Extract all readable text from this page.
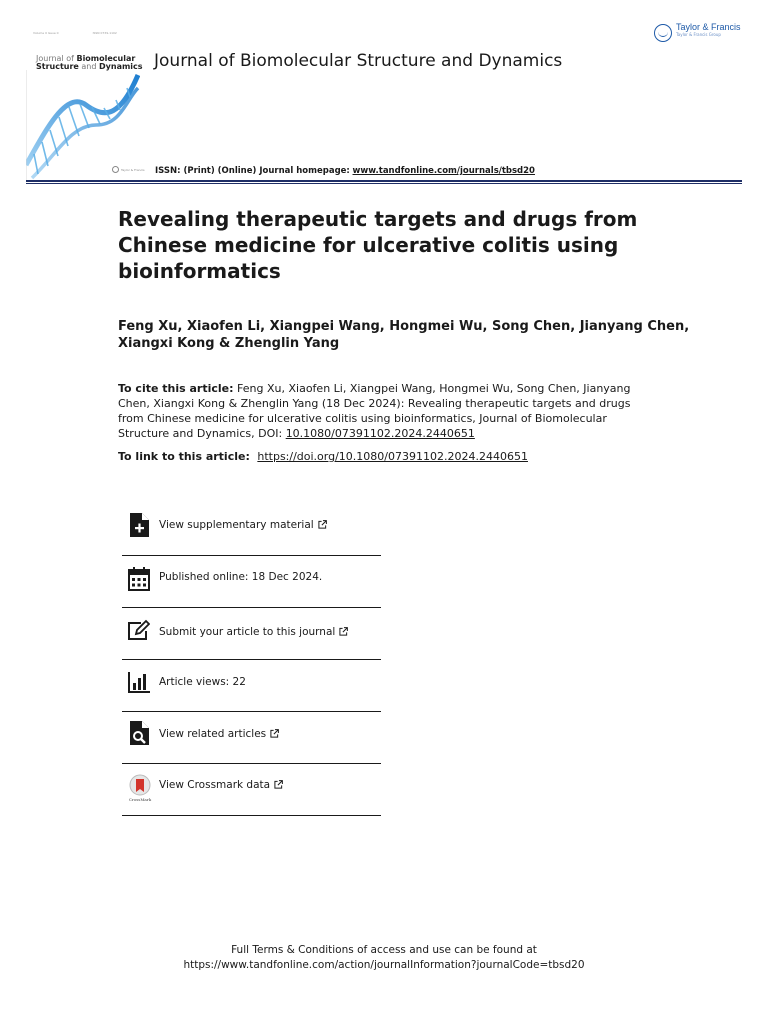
Volume 0 Issue 0	ISSN 0739-1102
Journal of Biomolecular
Structure and Dynamics
Taylor & Francis
Taylor & Francis Group
Journal of Biomolecular Structure and Dynamics
Taylor & Francis ISSN: (Print) (Online) Journal homepage: www.tandfonline.com/journals/tbsd20
Revealing therapeutic targets and drugs from Chinese medicine for ulcerative colitis using bioinformatics
Feng Xu, Xiaofen Li, Xiangpei Wang, Hongmei Wu, Song Chen, Jianyang Chen, Xiangxi Kong & Zhenglin Yang
To cite this article: Feng Xu, Xiaofen Li, Xiangpei Wang, Hongmei Wu, Song Chen, Jianyang Chen, Xiangxi Kong & Zhenglin Yang (18 Dec 2024): Revealing therapeutic targets and drugs from Chinese medicine for ulcerative colitis using bioinformatics, Journal of Biomolecular Structure and Dynamics, DOI: 10.1080/07391102.2024.2440651
To link to this article: https://doi.org/10.1080/07391102.2024.2440651
View supplementary material
Published online: 18 Dec 2024.
Submit your article to this journal
Article views: 22
View related articles
CrossMark
View Crossmark data
Full Terms & Conditions of access and use can be found at
https://www.tandfonline.com/action/journalInformation?journalCode=tbsd20
